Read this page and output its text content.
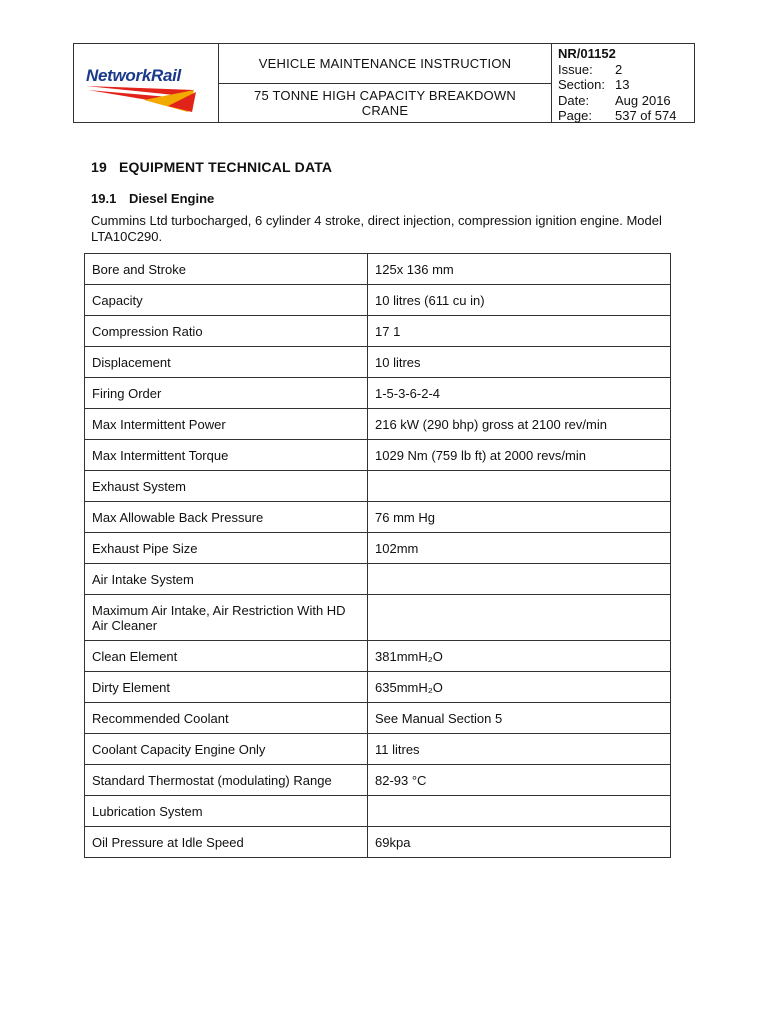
NetworkRail
VEHICLE MAINTENANCE INSTRUCTION
75 TONNE HIGH CAPACITY BREAKDOWN CRANE
NR/01152
Issue:	2
Section: 13
Date:	Aug 2016
Page:	537 of 574
19 EQUIPMENT TECHNICAL DATA
19.1 Diesel Engine
Cummins Ltd turbocharged, 6 cylinder 4 stroke, direct injection, compression ignition engine. Model LTA10C290.
Bore and Stroke	125x 136 mm
Capacity	10 litres (611 cu in)
Compression Ratio	17 1
Displacement	10 litres
Firing Order	1-5-3-6-2-4
Max Intermittent Power	216 kW (290 bhp) gross at 2100 rev/min
Max Intermittent Torque	1029 Nm (759 lb ft) at 2000 revs/min
Exhaust System	
Max Allowable Back Pressure	76 mm Hg
Exhaust Pipe Size	102mm
Air Intake System	
Maximum Air Intake, Air Restriction With HD Air Cleaner	
Clean Element	381mmH₂O
Dirty Element	635mmH₂O
Recommended Coolant	See Manual Section 5
Coolant Capacity Engine Only	11 litres
Standard Thermostat (modulating) Range	82-93 °C
Lubrication System	
Oil Pressure at Idle Speed	69kpa
